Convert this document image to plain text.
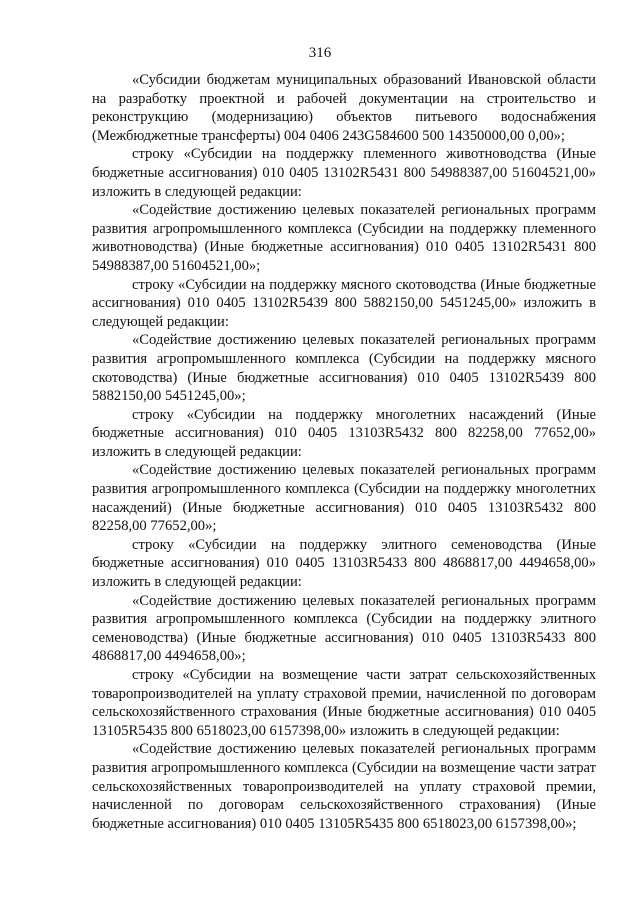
316

«Субсидии бюджетам муниципальных образований Ивановской области на разработку проектной и рабочей документации на строительство и реконструкцию (модернизацию) объектов питьевого водоснабжения (Межбюджетные трансферты) 004 0406 243G584600 500 14350000,00 0,00»;

строку «Субсидии на поддержку племенного животноводства (Иные бюджетные ассигнования) 010 0405 13102R5431 800 54988387,00 51604521,00» изложить в следующей редакции:

«Содействие достижению целевых показателей региональных программ развития агропромышленного комплекса (Субсидии на поддержку племенного животноводства) (Иные бюджетные ассигнования) 010 0405 13102R5431 800 54988387,00 51604521,00»;

строку «Субсидии на поддержку мясного скотоводства (Иные бюджетные ассигнования) 010 0405 13102R5439 800 5882150,00 5451245,00» изложить в следующей редакции:

«Содействие достижению целевых показателей региональных программ развития агропромышленного комплекса (Субсидии на поддержку мясного скотоводства) (Иные бюджетные ассигнования) 010 0405 13102R5439 800 5882150,00 5451245,00»;

строку «Субсидии на поддержку многолетних насаждений (Иные бюджетные ассигнования) 010 0405 13103R5432 800 82258,00 77652,00» изложить в следующей редакции:

«Содействие достижению целевых показателей региональных программ развития агропромышленного комплекса (Субсидии на поддержку многолетних насаждений) (Иные бюджетные ассигнования) 010 0405 13103R5432 800 82258,00 77652,00»;

строку «Субсидии на поддержку элитного семеноводства (Иные бюджетные ассигнования) 010 0405 13103R5433 800 4868817,00 4494658,00» изложить в следующей редакции:

«Содействие достижению целевых показателей региональных программ развития агропромышленного комплекса (Субсидии на поддержку элитного семеноводства) (Иные бюджетные ассигнования) 010 0405 13103R5433 800 4868817,00 4494658,00»;

строку «Субсидии на возмещение части затрат сельскохозяйственных товаропроизводителей на уплату страховой премии, начисленной по договорам сельскохозяйственного страхования (Иные бюджетные ассигнования) 010 0405 13105R5435 800 6518023,00 6157398,00» изложить в следующей редакции:

«Содействие достижению целевых показателей региональных программ развития агропромышленного комплекса (Субсидии на возмещение части затрат сельскохозяйственных товаропроизводителей на уплату страховой премии, начисленной по договорам сельскохозяйственного страхования) (Иные бюджетные ассигнования) 010 0405 13105R5435 800 6518023,00 6157398,00»;
